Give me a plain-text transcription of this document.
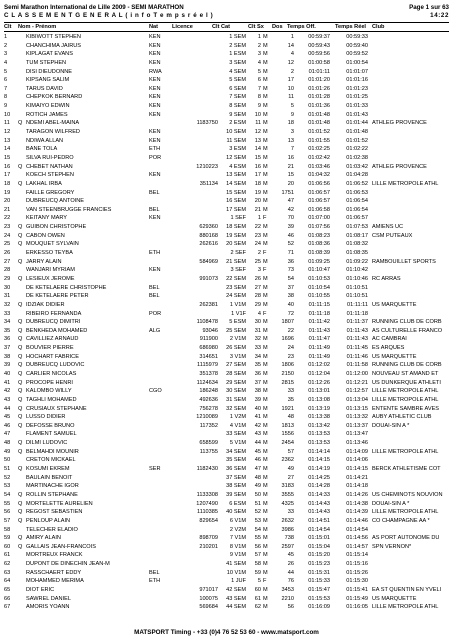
Semi Marathon International de Lille 2009 - SEMI MARATHON	Page 1 sur 63
C L A S S E M E N T G E N E R A L ( i n f o T e m p s r é e l )	14:22
Clt	Nom - Prénom	Nat	Licence	Clt Cat	Clt Sx	Dos Temps Off.	Temps Réel	Club
1	KIBIWOTT STEPHEN	KEN	1 SEM	1 M	1	00:59:37	00:59:33
2	CHANCHIMA JAIRUS	KEN	2 SEM	2 M	14	00:59:43	00:59:40
3	KIPLAGAT EVANS	KEN	1 ESM	3 M	4	00:59:56	00:59:52
4	TUM STEPHEN	KEN	3 SEM	4 M	12	01:00:58	01:00:54
5	DISI DIEUDONNE	RWA	4 SEM	5 M	2	01:01:11	01:01:07
6	KIPSANG SALIM	KEN	5 SEM	6 M	17	01:01:20	01:01:16
7	TARUS DAVID	KEN	6 SEM	7 M	10	01:01:26	01:01:23
8	CHEPKOK BERNARD	KEN	7 SEM	8 M	11	01:01:28	01:01:25
9	KIMAIYO EDWIN	KEN	8 SEM	9 M	5	01:01:36	01:01:33
10	ROTICH JAMES	KEN	9 SEM	10 M	9	01:01:48	01:01:43
11	Q NDEMI ABEL-MAINA	1183750	2 ESM	11 M	18	01:01:48	01:01:44 ATHLEG PROVENCE
12	TARAGON WILFRED	KEN	10 SEM	12 M	3	01:01:52	01:01:48
13	NDIWA ALLAN	KEN	11 SEM	13 M	13	01:01:55	01:01:52
14	BANE TOLA	ETH	3 ESM	14 M	7	01:02:25	01:02:22
15	SILVA RUI-PEDRO	POR	12 SEM	15 M	16	01:02:42	01:02:38
16	Q CHEBET NATHAN	1210223	4 ESM	16 M	21	01:03:46	01:03:42 ATHLEG PROVENCE
17	KOECH STEPHEN	KEN	13 SEM	17 M	15	01:04:32	01:04:28
18	Q LAKHAL IRBA	351134	14 SEM	18 M	20	01:06:56	01:06:52 LILLE METROPOLE ATHL
19	FAILLE GREGORY	BEL	15 SEM	19 M	1751	01:06:57	01:06:53
20	DUBREUCQ ANTOINE	16 SEM	20 M	47	01:06:57	01:06:54
21	VAN STEENBRUGGE FRANCIES	BEL	17 SEM	21 M	42	01:06:58	01:06:54
22	KEITANY MARY	KEN	1 SEF	1 F	70	01:07:00	01:06:57
23	Q GUIBON CHRISTOPHE	629360	18 SEM	22 M	39	01:07:56	01:07:53 AMIENS UC
24	Q CABON OWEN	880168	19 SEM	23 M	46	01:08:23	01:08:17 CSM PUTEAUX
25	Q MOUQUET SYLVAIN	262616	20 SEM	24 M	52	01:08:36	01:08:32
26	ERKESSO TEYBA	ETH	2 SEF	2 F	71	01:08:39	01:08:35
27	Q JARRY ALAIN	584969	21 SEM	25 M	36	01:09:25	01:09:22 RAMBOUILLET SPORTS
28	WANJARI MYRIAM	KEN	3 SEF	3 F	73	01:10:47	01:10:42
29	Q LESIEUX JEROME	991073	22 SEM	26 M	54	01:10:53	01:10:46 RC ARRAS
30	DE KETELAERE CHRISTOPHE	BEL	23 SEM	27 M	37	01:10:54	01:10:51
31	DE KETELAERE PETER	BEL	24 SEM	28 M	38	01:10:55	01:10:51
32	Q IDZIAK DIDIER	262381	1 V1M	29 M	40	01:11:15	01:11:11 US MARQUETTE
33	RIBEIRO FERNANDA	POR	1 V1F	4 F	72	01:11:18	01:11:18
34	Q DUBREUCQ DIMITRI	1108478	5 ESM	30 M	1807	01:11:42	01:11:37 RUNNING CLUB DE CORB
35	Q BENKHEDA MOHAMED	ALG	93046	25 SEM	31 M	22	01:11:43	01:11:43 AS CULTURELLE FRANCO
36	Q CAVILLIEZ ARNAUD	911900	2 V1M	32 M	1696	01:11:47	01:11:43 AC CAMBRAI
37	Q BOUVIER PIERRE	686980	26 SEM	33 M	24	01:11:49	01:11:45 ES ARQUES
38	Q HOCHART FABRICE	314651	3 V1M	34 M	23	01:11:49	01:11:46 US MARQUETTE
39	Q DUBREUCQ LUDOVIC	1115979	27 SEM	35 M	1806	01:12:02	01:11:58 RUNNING CLUB DE CORB
40	Q CARLIER NICOLAS	351378	28 SEM	36 M	2150	01:12:04	01:12:00 NOUVEAU ST AMAND ET
41	Q PROCOPE HENRI	1124634	29 SEM	37 M	2815	01:12:26	01:12:21 US DUNKERQUE ATHLETI
42	Q KALOMBO WILLY	CGO	186248	30 SEM	38 M	33	01:13:01	01:12:57 LILLE METROPOLE ATHL
43	Q TAGHLI MOHAMED	492636	31 SEM	39 M	35	01:13:08	01:13:04 LILLE METROPOLE ATHL
44	Q CRUSIAUX STEPHANE	756278	32 SEM	40 M	1921	01:13:19	01:13:15 ENTENTE SAMBRE AVES
45	Q LUSSO DIDIER	1210089	1 V2M	41 M	48	01:13:38	01:13:32 AUBY ATHLETIC CLUB
46	Q DEFOSSE BRUNO	117352	4 V1M	42 M	1813	01:13:42	01:13:37 DOUAI-SIN A *
47	FLAMENT SAMUEL	33 SEM	43 M	1556	01:13:53	01:13:47
48	Q DILMI LUDOVIC	658599	5 V1M	44 M	2454	01:13:53	01:13:46
49	Q BELMAHDI MOUNIR	113755	34 SEM	45 M	57	01:14:14	01:14:09 LILLE METROPOLE ATHL
50	CRETON MICKAEL	35 SEM	46 M	2362	01:14:15	01:14:06
51	Q KOSUMI EKREM	SER	1182430	36 SEM	47 M	49	01:14:19	01:14:15 BERCK ATHLETISME COT
52	BAULAIN BENOIT	37 SEM	48 M	27	01:14:25	01:14:21
53	MARTINACHE IGOR	38 SEM	49 M	3183	01:14:28	01:14:18
54	Q ROLLIN STEPHANE	1133308	39 SEM	50 M	3555	01:14:33	01:14:26 US CHEMINOTS NOUVION
55	Q MORTELETTE AURELIEN	1207490	6 ESM	51 M	4325	01:14:43	01:14:38 DOUAI-SIN A *
56	Q REGOST SEBASTIEN	1110385	40 SEM	52 M	33	01:14:43	01:14:39 LILLE METROPOLE ATHL
57	Q PENLOUP ALAIN	829654	6 V1M	53 M	2632	01:14:51	01:14:46 CO CHAMPAGNE AA *
58	TELECHER ELADIO	2 V2M	54 M	3986	01:14:54	01:14:54
59	Q AMIRY ALAIN	898709	7 V1M	55 M	738	01:15:01	01:14:56 AS PORT AUTONOME DU
60	Q GALLAIS JEAN-FRANCOIS	210201	8 V1M	56 M	2597	01:15:04	01:14:57 SPN VERNON*
61	MORTREUX FRANCK	9 V1M	57 M	45	01:15:20	01:15:14
62	DUPONT DE DINECHIN JEAN-M	41 SEM	58 M	26	01:15:23	01:15:16
63	RASSCHAERT EDDY	BEL	10 V1M	59 M	44	01:15:31	01:15:26
64	MOHAMMED MERIMA	ETH	1 JUF	5 F	76	01:15:33	01:15:30
65	DIOT ERIC	971017	42 SEM	60 M	3453	01:15:47	01:15:41 EA ST QUENTIN EN YVELI
66	SAWREL DANIEL	100075	43 SEM	61 M	2210	01:15:53	01:15:49 US MARQUETTE
67	AMORIS YOANN	569684	44 SEM	62 M	56	01:16:09	01:16:05 LILLE METROPOLE ATHL
MATSPORT Timing - +33 (0)4 76 52 53 60 - www.matsport.com
